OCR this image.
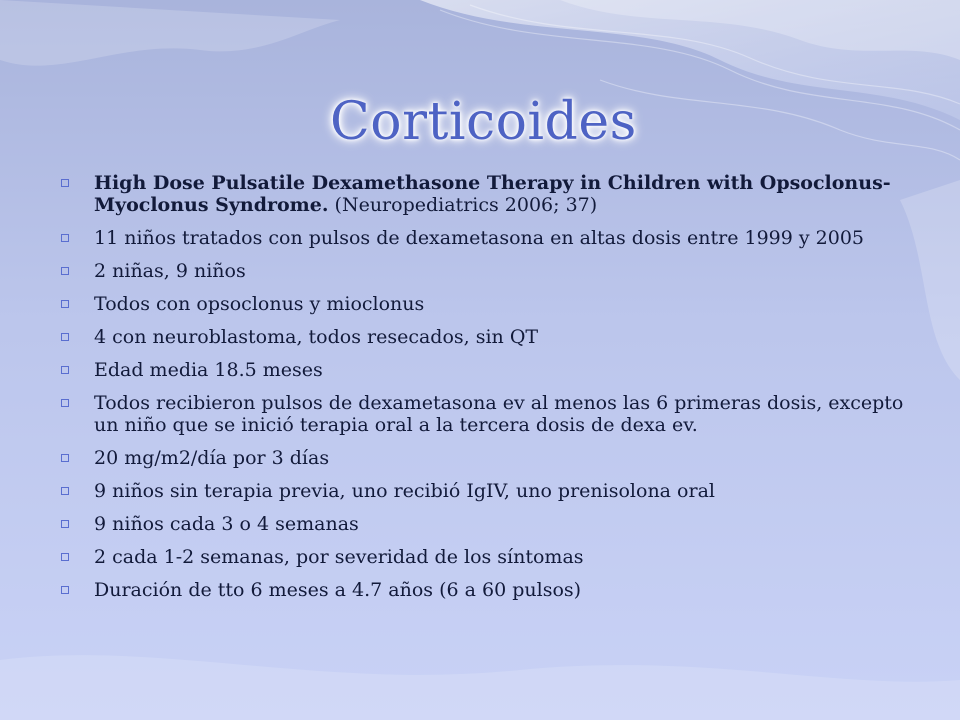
Corticoides
High Dose Pulsatile Dexamethasone Therapy in Children with Opsoclonus-Myoclonus Syndrome. (Neuropediatrics 2006; 37)
11 niños tratados con pulsos de dexametasona en altas dosis entre 1999 y 2005
2 niñas, 9 niños
Todos con opsoclonus y mioclonus
4 con neuroblastoma, todos resecados, sin QT
Edad media 18.5 meses
Todos recibieron pulsos de dexametasona ev al menos las 6 primeras dosis, excepto un niño que se inició terapia oral a la tercera dosis de dexa ev.
20 mg/m2/día por 3 días
9 niños sin terapia previa, uno recibió IgIV, uno prenisolona oral
9 niños cada 3 o 4 semanas
2 cada 1-2 semanas, por severidad de los síntomas
Duración de tto 6 meses a 4.7 años (6 a 60 pulsos)
